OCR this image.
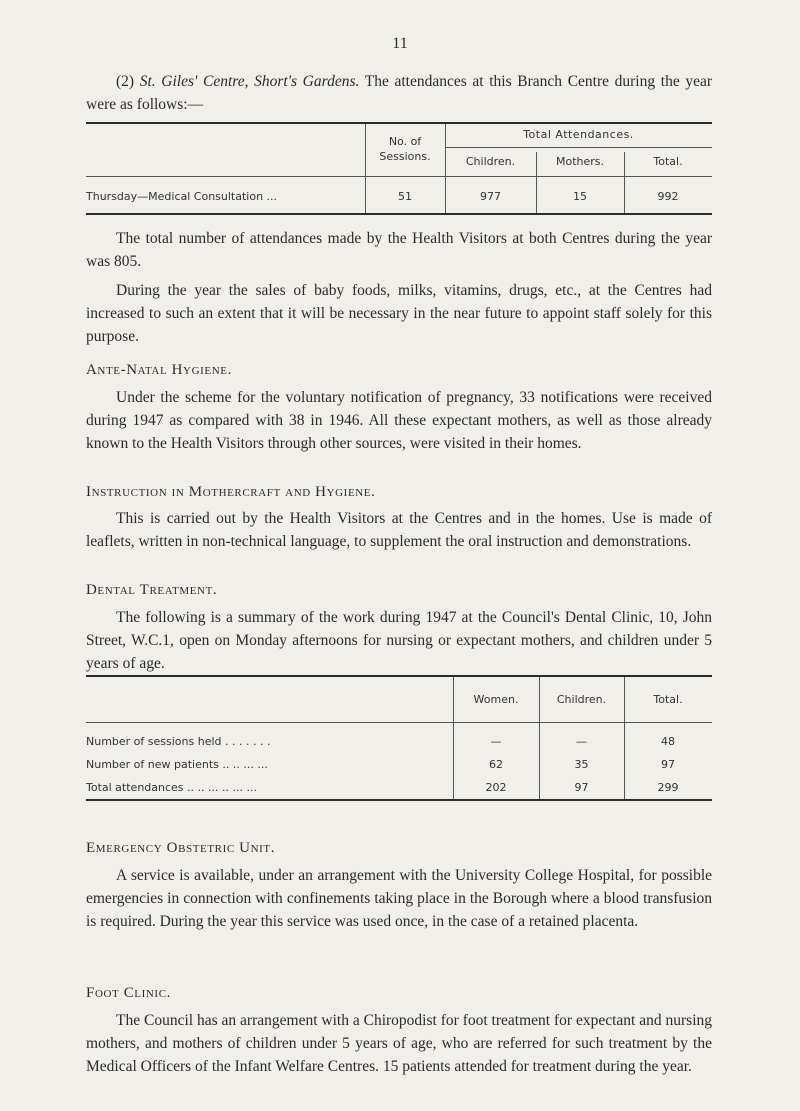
11

(2) St. Giles' Centre, Short's Gardens. The attendances at this Branch Centre during the year were as follows:—

No. of Sessions.
Total Attendances.
Children.	Mothers.	Total.
Thursday—Medical Consultation ...	51	977	15	992

The total number of attendances made by the Health Visitors at both Centres during the year was 805.

During the year the sales of baby foods, milks, vitamins, drugs, etc., at the Centres had increased to such an extent that it will be necessary in the near future to appoint staff solely for this purpose.

Ante-Natal Hygiene.

Under the scheme for the voluntary notification of pregnancy, 33 notifications were received during 1947 as compared with 38 in 1946. All these expectant mothers, as well as those already known to the Health Visitors through other sources, were visited in their homes.

Instruction in Mothercraft and Hygiene.

This is carried out by the Health Visitors at the Centres and in the homes. Use is made of leaflets, written in non-technical language, to supplement the oral instruction and demonstrations.

Dental Treatment.

The following is a summary of the work during 1947 at the Council's Dental Clinic, 10, John Street, W.C.1, open on Monday afternoons for nursing or expectant mothers, and children under 5 years of age.

Women.	Children.	Total.
Number of sessions held . . . . . . .	—	—	48
Number of new patients .. .. ... ...	62	35	97
Total attendances .. .. ... .. ... ...	202	97	299

Emergency Obstetric Unit.

A service is available, under an arrangement with the University College Hospital, for possible emergencies in connection with confinements taking place in the Borough where a blood transfusion is required. During the year this service was used once, in the case of a retained placenta.

Foot Clinic.

The Council has an arrangement with a Chiropodist for foot treatment for expectant and nursing mothers, and mothers of children under 5 years of age, who are referred for such treatment by the Medical Officers of the Infant Welfare Centres. 15 patients attended for treatment during the year.
